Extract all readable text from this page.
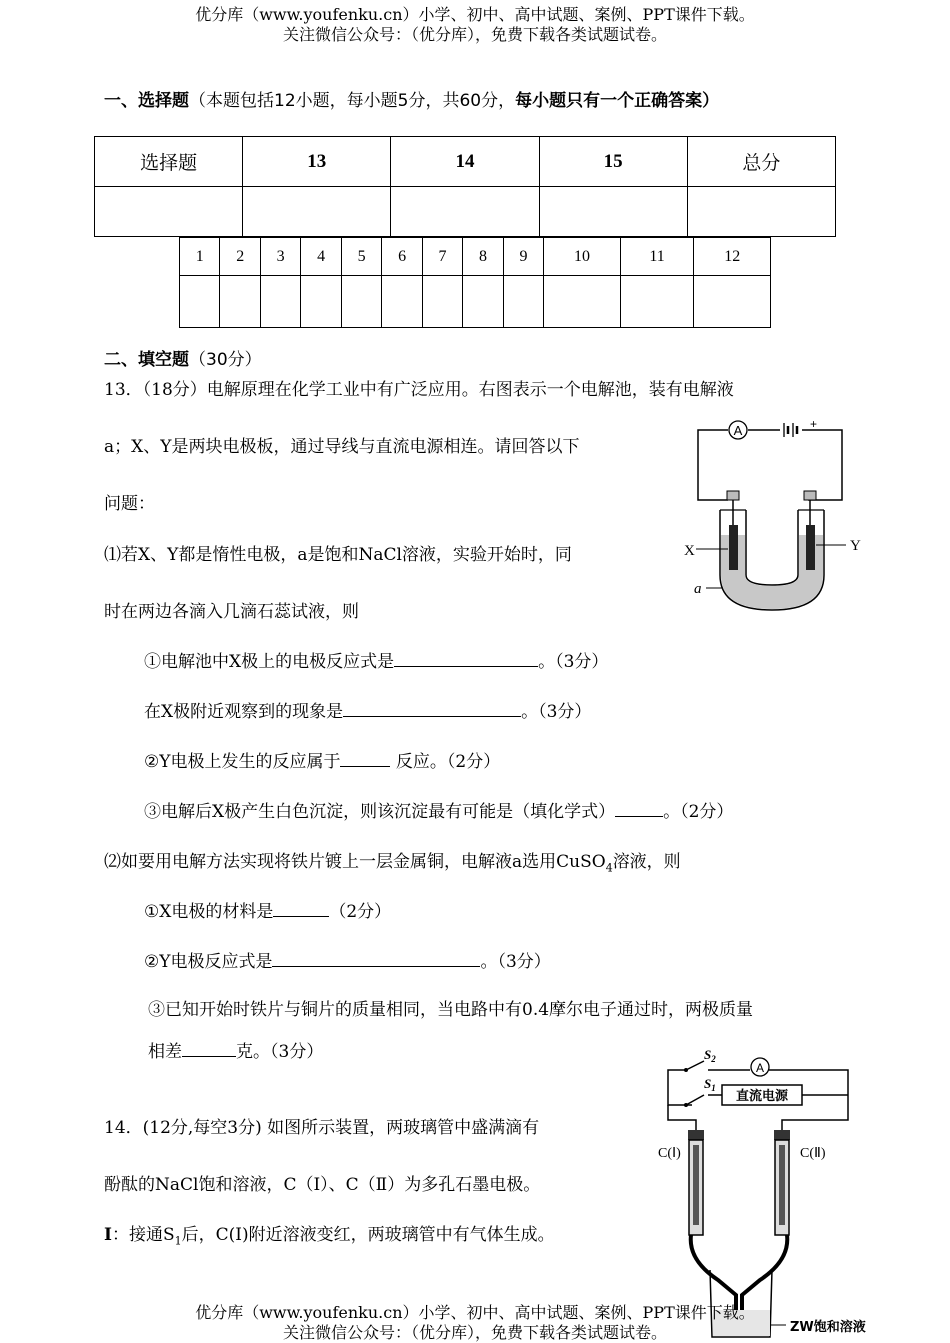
优分库（www.youfenku.cn）小学、初中、高中试题、案例、PPT课件下载。
关注微信公众号：（优分库），免费下载各类试题试卷。
一、选择题（本题包括12小题，每小题5分，共60分，每小题只有一个正确答案）
选择题	13	14	15	总分

1	2	3	4	5	6	7	8	9	10	11	12

二、填空题（30分）
13．（18分）电解原理在化学工业中有广泛应用。右图表示一个电解池，装有电解液
a；X、Y是两块电极板，通过导线与直流电源相连。请回答以下
问题：
⑴若X、Y都是惰性电极，a是饱和NaCl溶液，实验开始时，同
时在两边各滴入几滴石蕊试液，则
①电解池中X极上的电极反应式是	。（3分）
在X极附近观察到的现象是	。（3分）
②Y电极上发生的反应属于	反应。（2分）
③电解后X极产生白色沉淀，则该沉淀最有可能是（填化学式）	。（2分）
⑵如要用电解方法实现将铁片镀上一层金属铜，电解液a选用CuSO$_4$溶液，则
①X电极的材料是	（2分）
②Y电极反应式是	。（3分）
③已知开始时铁片与铜片的质量相同，当电路中有0.4摩尔电子通过时，两极质量
相差	克。（3分）
14．(12分,每空3分) 如图所示装置，两玻璃管中盛满滴有
酚酞的NaCl饱和溶液，C（Ⅰ）、C（Ⅱ）为多孔石墨电极。
I：接通$S_1$后，C(I)附近溶液变红，两玻璃管中有气体生成。
A	+
X	Y
a
A
$S_2$
$S_1$
直流电源
C(Ⅰ)	C(Ⅱ)
ZW饱和溶液
优分库（www.youfenku.cn）小学、初中、高中试题、案例、PPT课件下载。
关注微信公众号：（优分库），免费下载各类试题试卷。
